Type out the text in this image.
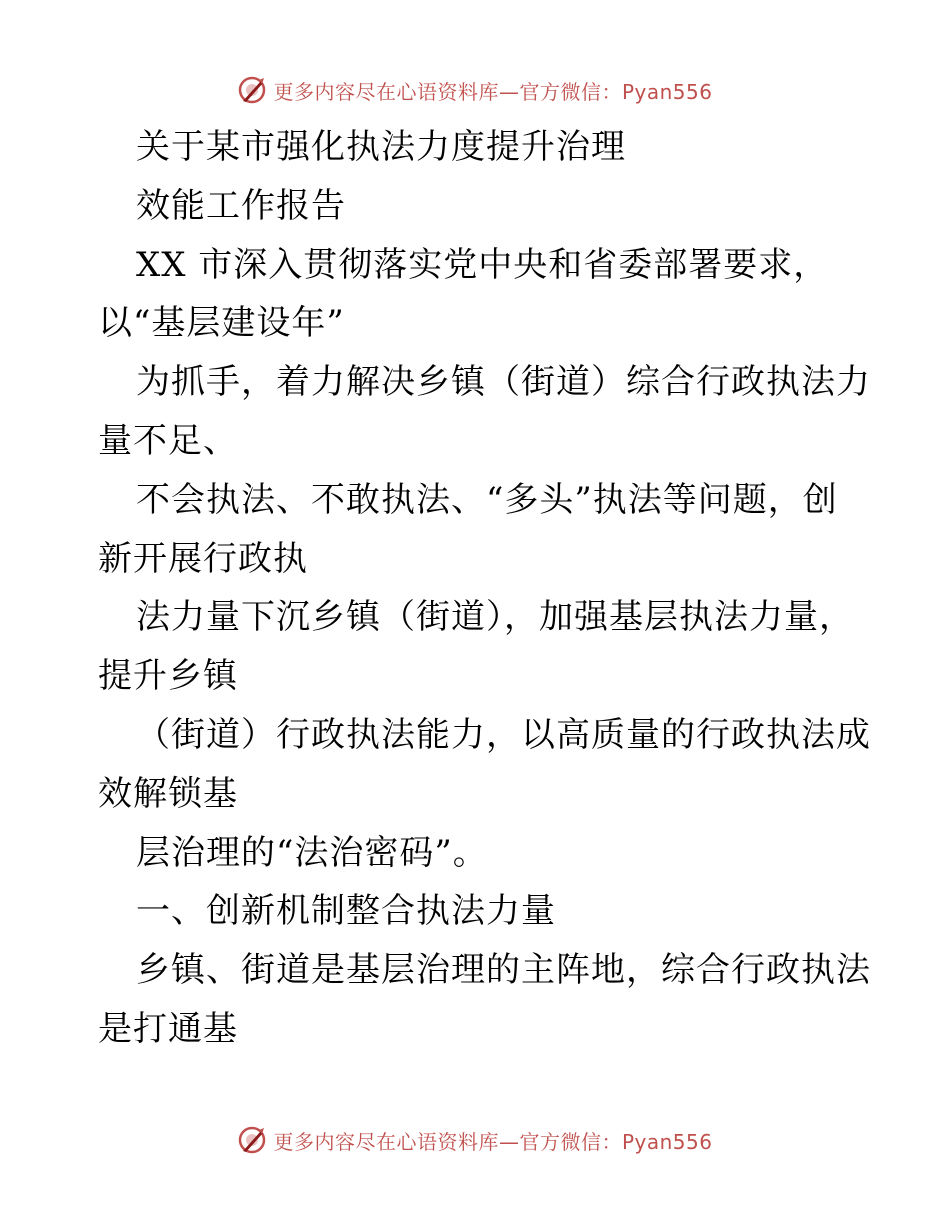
更多内容尽在心语资料库—官方微信：Pyan556
关于某市强化执法力度提升治理
效能工作报告
XX 市深入贯彻落实党中央和省委部署要求，
以“基层建设年”
为抓手，着力解决乡镇（街道）综合行政执法力
量不足、
不会执法、不敢执法、“多头”执法等问题，创
新开展行政执
法力量下沉乡镇（街道），加强基层执法力量，
提升乡镇
（街道）行政执法能力，以高质量的行政执法成
效解锁基
层治理的“法治密码”。
一、创新机制整合执法力量
乡镇、街道是基层治理的主阵地，综合行政执法
是打通基
更多内容尽在心语资料库—官方微信：Pyan556
